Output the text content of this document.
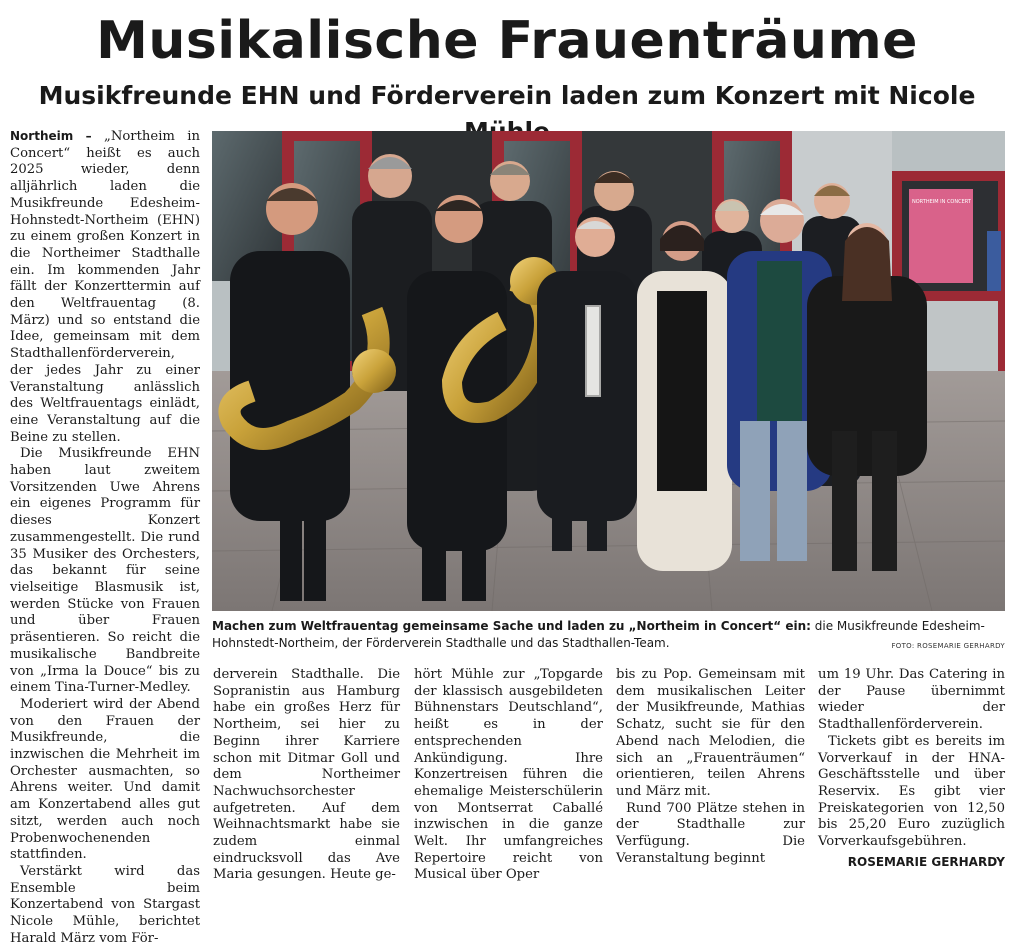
Musikalische Frauenträume
Musikfreunde EHN und Förderverein laden zum Konzert mit Nicole

Northeim – „Northeim in Concert“ heißt es auch 2025 wieder, denn alljährlich laden die Musikfreunde Edesheim-Hohnstedt-Northeim (EHN) zu einem großen Konzert in die Northeimer Stadthalle ein. Im kommenden Jahr fällt der Konzerttermin auf den Weltfrauentag (8. März) und so entstand die Idee, gemeinsam mit dem Stadthallenförderverein, der jedes Jahr zu einer Veranstaltung anlässlich des Weltfrauentags einlädt, eine Veranstaltung auf die Beine zu stellen.

Die Musikfreunde EHN haben laut zweitem Vorsitzenden Uwe Ahrens ein eigenes Programm für dieses Konzert zusammengestellt. Die rund 35 Musiker des Orchesters, das bekannt für seine vielseitige Blasmusik ist, werden Stücke von Frauen und über Frauen präsentieren. So reicht die musikalische Bandbreite von „Irma la Douce“ bis zu einem Tina-Turner-Medley.

Moderiert wird der Abend von den Frauen der Musikfreunde, die inzwischen die Mehrheit im Orchester ausmachten, so Ahrens weiter. Und damit am Konzertabend alles gut sitzt, werden auch noch Probenwochenenden stattfinden.

Verstärkt wird das Ensemble beim Konzertabend von Stargast Nicole Mühle, berichtet Harald März vom För-

NORTHEIM IN CONCERT
Machen zum Weltfrauentag gemeinsame Sache und laden zu „Northeim in Concert“ ein: die Musikfreunde Edesheim-Hohnstedt-Northeim, der Förderverein Stadthalle und das Stadthallen-Team.	FOTO: ROSEMARIE GERHARDY

derverein Stadthalle. Die Sopranistin aus Hamburg habe ein großes Herz für Northeim, sei hier zu Beginn ihrer Karriere schon mit Ditmar Goll und dem Northeimer Nachwuchsorchester aufgetreten. Auf dem Weihnachtsmarkt habe sie zudem einmal eindrucksvoll das Ave Maria gesungen. Heute ge-

hört Mühle zur „Topgarde der klassisch ausgebildeten Bühnenstars Deutschland“, heißt es in der entsprechenden Ankündigung. Ihre Konzertreisen führen die ehemalige Meisterschülerin von Montserrat Caballé inzwischen in die ganze Welt. Ihr umfangreiches Repertoire reicht von Musical über Oper

bis zu Pop. Gemeinsam mit dem musikalischen Leiter der Musikfreunde, Mathias Schatz, sucht sie für den Abend nach Melodien, die sich an „Frauenträumen“ orientieren, teilen Ahrens und März mit.

Rund 700 Plätze stehen in der Stadthalle zur Verfügung. Die Veranstaltung beginnt

um 19 Uhr. Das Catering in der Pause übernimmt wieder der Stadthallenförderverein.

Tickets gibt es bereits im Vorverkauf in der HNA-Geschäftsstelle und über Reservix. Es gibt vier Preiskategorien von 12,50 bis 25,20 Euro zuzüglich Vorverkaufsgebühren.

ROSEMARIE GERHARDY
